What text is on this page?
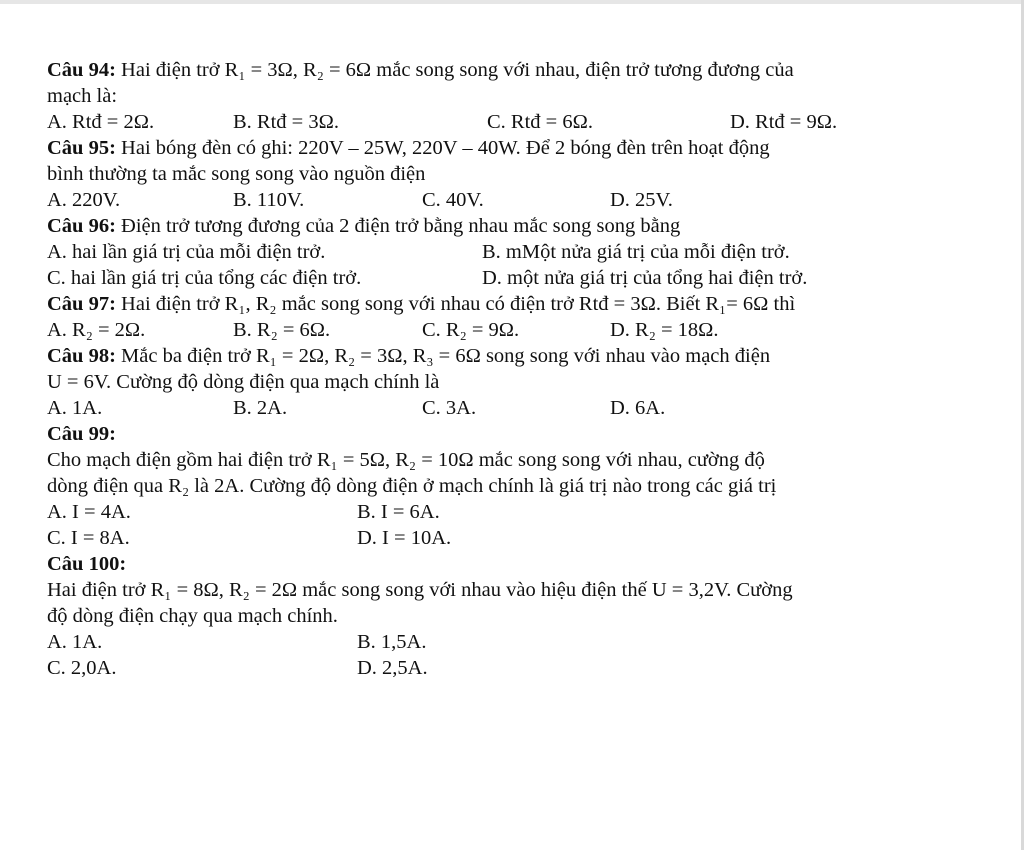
Câu 94: Hai điện trở R₁ = 3Ω, R₂ = 6Ω mắc song song với nhau, điện trở tương đương của
mạch là:
A. Rtđ = 2Ω.	B. Rtđ = 3Ω.	C. Rtđ = 6Ω.	D. Rtđ = 9Ω.
Câu 95: Hai bóng đèn có ghi: 220V – 25W, 220V – 40W. Để 2 bóng đèn trên hoạt động
bình thường ta mắc song song vào nguồn điện
A. 220V.	B. 110V.	C. 40V.	D. 25V.
Câu 96: Điện trở tương đương của 2 điện trở bằng nhau mắc song song bằng
A. hai lần giá trị của mỗi điện trở.	B. mMột nửa giá trị của mỗi điện trở.
C. hai lần giá trị của tổng các điện trở.	D. một nửa giá trị của tổng hai điện trở.
Câu 97: Hai điện trở R₁, R₂ mắc song song với nhau có điện trở Rtđ = 3Ω. Biết R₁= 6Ω thì
A. R₂ = 2Ω.	B. R₂ = 6Ω.	C. R₂ = 9Ω.	D. R₂ = 18Ω.
Câu 98: Mắc ba điện trở R₁ = 2Ω, R₂ = 3Ω, R₃ = 6Ω song song với nhau vào mạch điện
U = 6V. Cường độ dòng điện qua mạch chính là
A. 1A.	B. 2A.	C. 3A.	D. 6A.
Câu 99:
Cho mạch điện gồm hai điện trở R₁ = 5Ω, R₂ = 10Ω mắc song song với nhau, cường độ
dòng điện qua R₂ là 2A. Cường độ dòng điện ở mạch chính là giá trị nào trong các giá trị
A. I = 4A.	B. I = 6A.
C. I = 8A.	D. I = 10A.
Câu 100:
Hai điện trở R₁ = 8Ω, R₂ = 2Ω mắc song song với nhau vào hiệu điện thế U = 3,2V. Cường
độ dòng điện chạy qua mạch chính.
A. 1A.	B. 1,5A.
C. 2,0A.	D. 2,5A.
